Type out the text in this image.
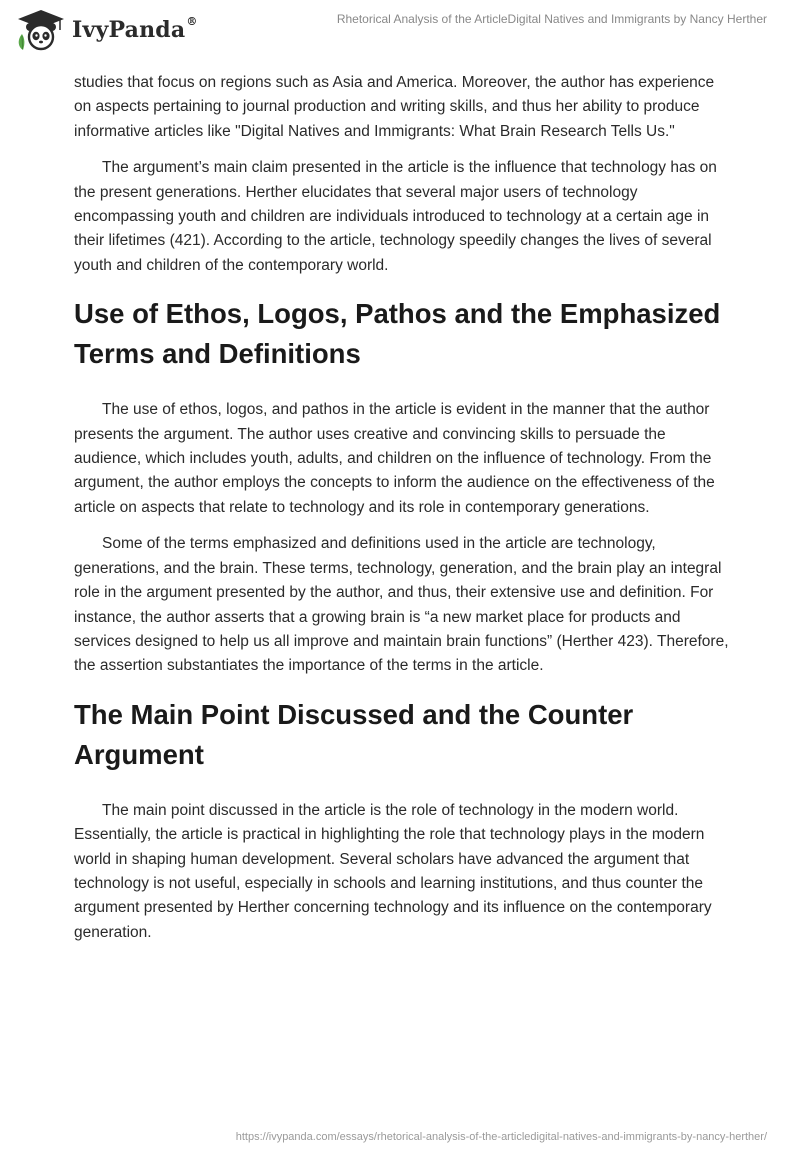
IvyPanda®	Rhetorical Analysis of the ArticleDigital Natives and Immigrants by Nancy Herther

studies that focus on regions such as Asia and America. Moreover, the author has experience on aspects pertaining to journal production and writing skills, and thus her ability to produce informative articles like "Digital Natives and Immigrants: What Brain Research Tells Us."

The argument’s main claim presented in the article is the influence that technology has on the present generations. Herther elucidates that several major users of technology encompassing youth and children are individuals introduced to technology at a certain age in their lifetimes (421). According to the article, technology speedily changes the lives of several youth and children of the contemporary world.

Use of Ethos, Logos, Pathos and the Emphasized Terms and Definitions

The use of ethos, logos, and pathos in the article is evident in the manner that the author presents the argument. The author uses creative and convincing skills to persuade the audience, which includes youth, adults, and children on the influence of technology. From the argument, the author employs the concepts to inform the audience on the effectiveness of the article on aspects that relate to technology and its role in contemporary generations.

Some of the terms emphasized and definitions used in the article are technology, generations, and the brain. These terms, technology, generation, and the brain play an integral role in the argument presented by the author, and thus, their extensive use and definition. For instance, the author asserts that a growing brain is “a new market place for products and services designed to help us all improve and maintain brain functions” (Herther 423). Therefore, the assertion substantiates the importance of the terms in the article.

The Main Point Discussed and the Counter Argument

The main point discussed in the article is the role of technology in the modern world. Essentially, the article is practical in highlighting the role that technology plays in the modern world in shaping human development. Several scholars have advanced the argument that technology is not useful, especially in schools and learning institutions, and thus counter the argument presented by Herther concerning technology and its influence on the contemporary generation.

https://ivypanda.com/essays/rhetorical-analysis-of-the-articledigital-natives-and-immigrants-by-nancy-herther/
